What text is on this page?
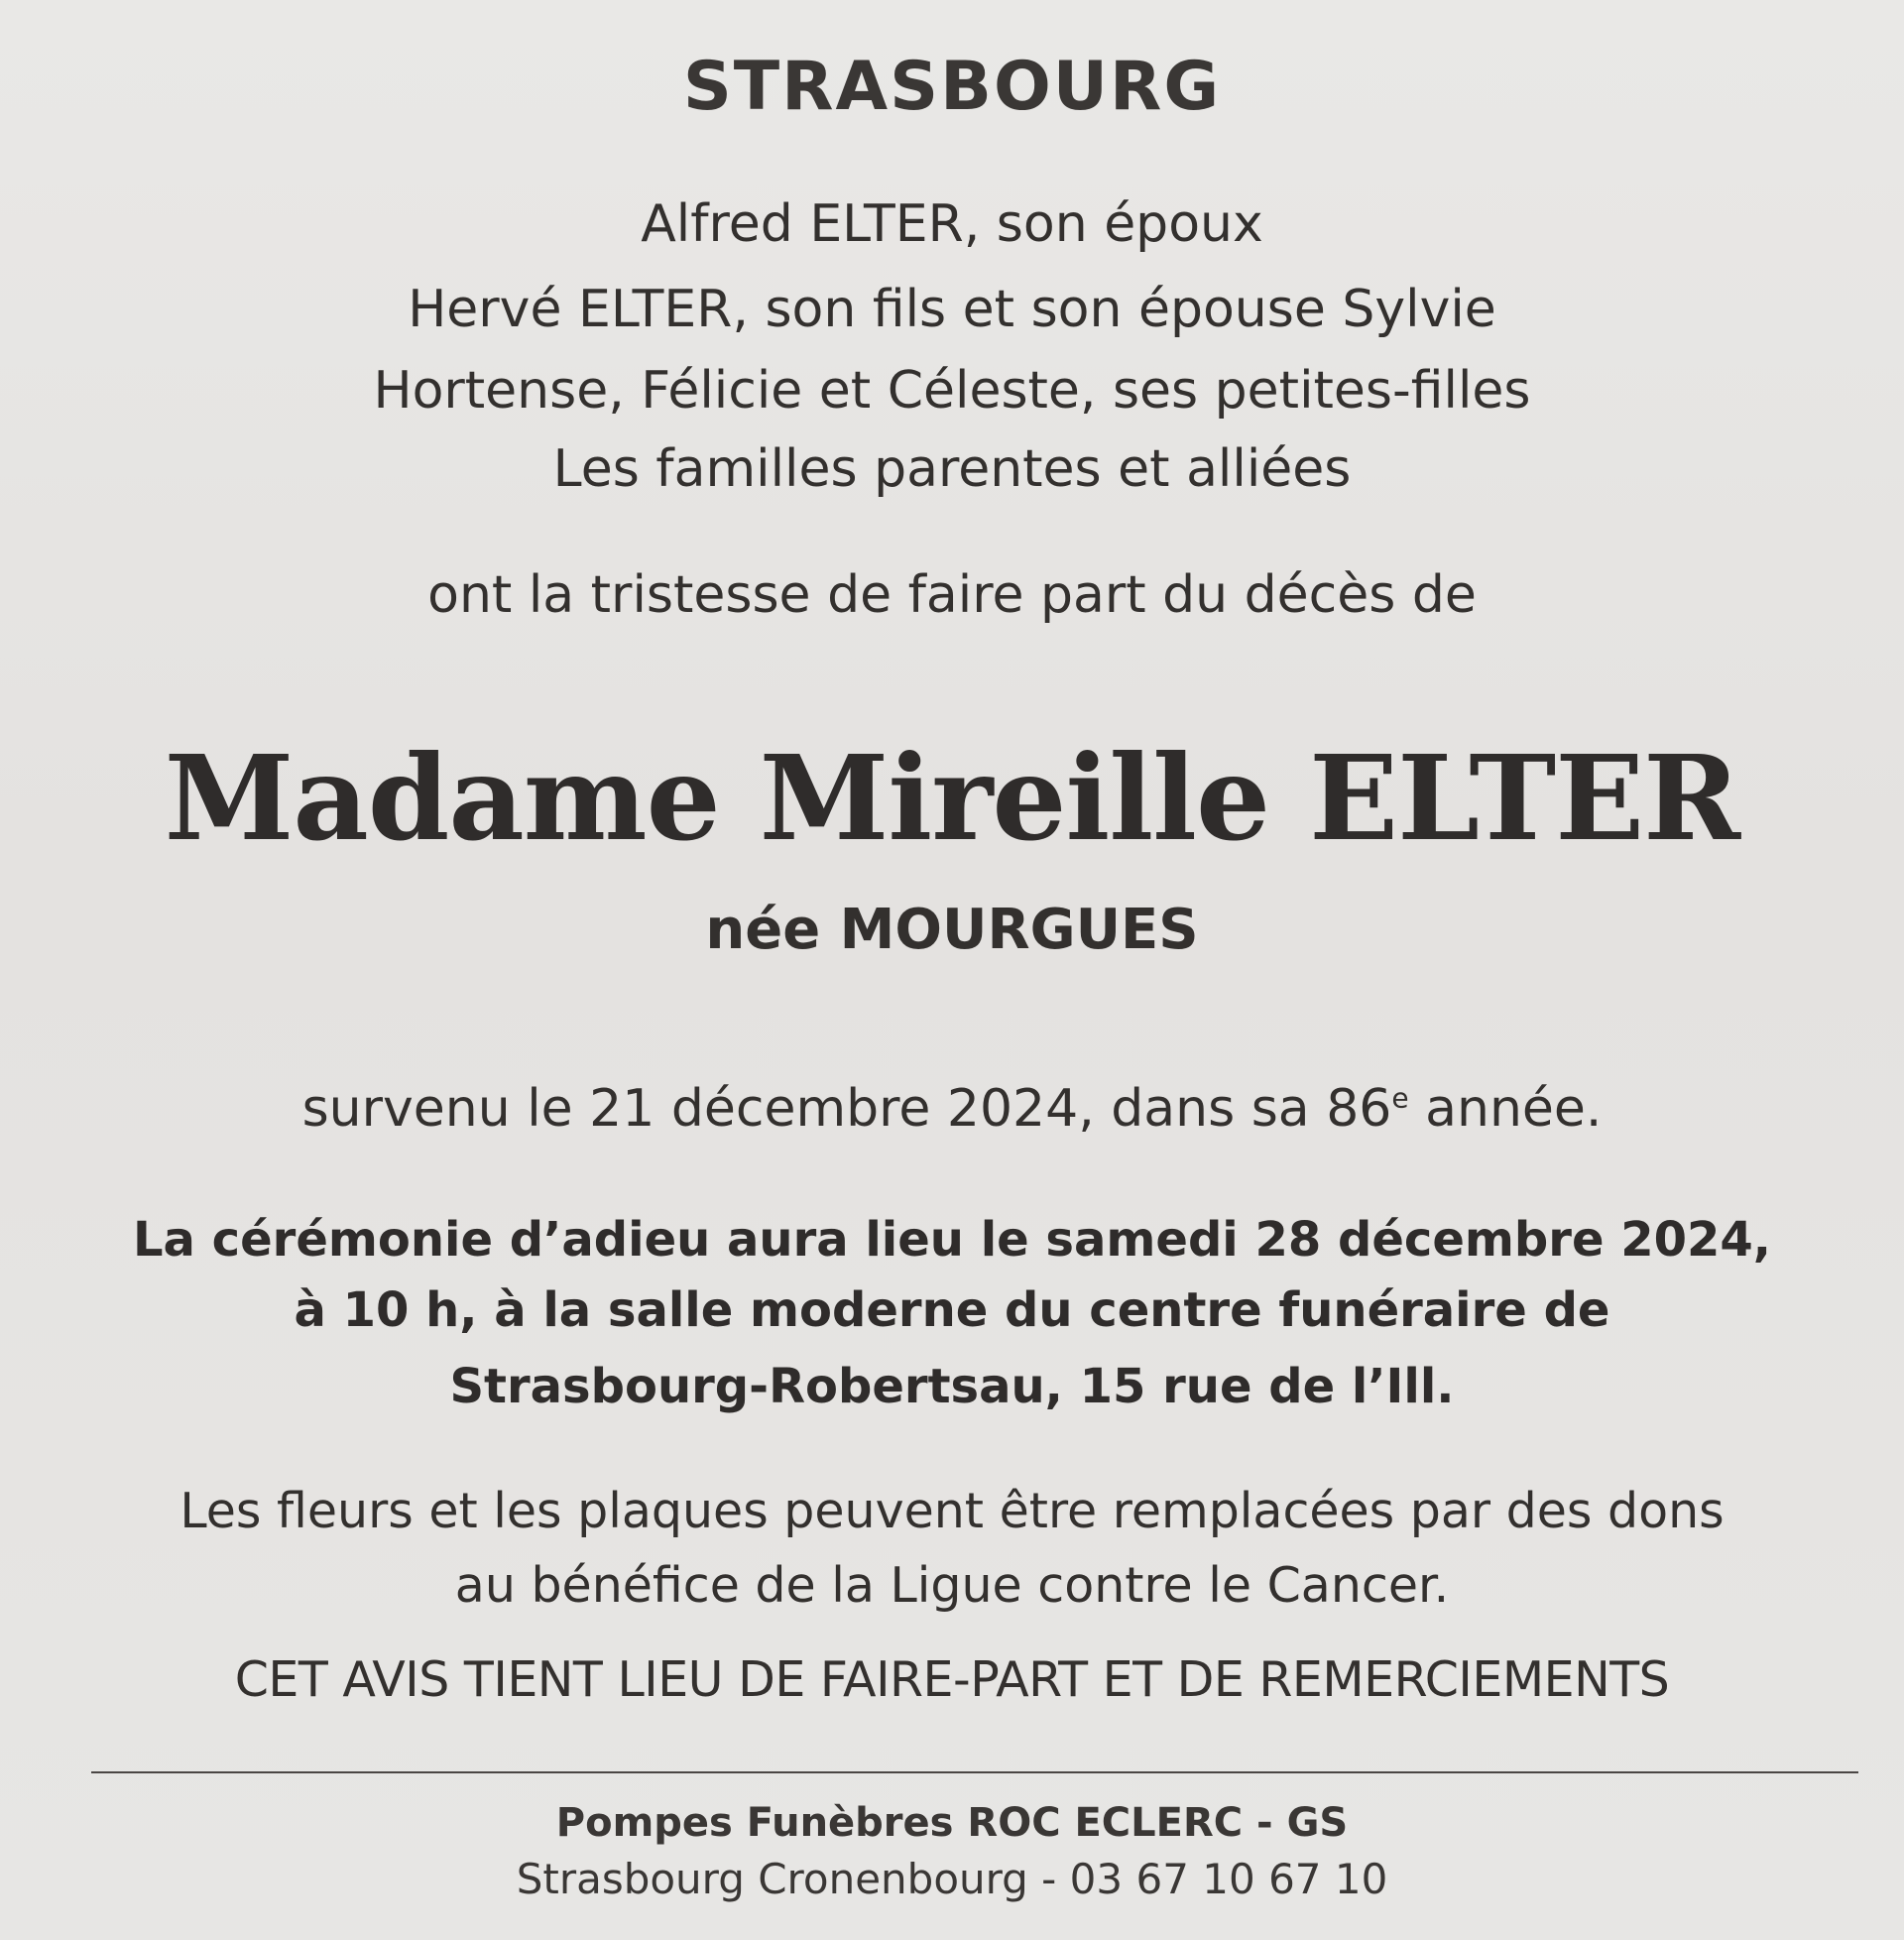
STRASBOURG
Alfred ELTER, son époux
Hervé ELTER, son fils et son épouse Sylvie
Hortense, Félicie et Céleste, ses petites-filles
Les familles parentes et alliées
ont la tristesse de faire part du décès de
Madame Mireille ELTER
née MOURGUES
survenu le 21 décembre 2024, dans sa 86e année.
La cérémonie d’adieu aura lieu le samedi 28 décembre 2024,
à 10 h, à la salle moderne du centre funéraire de
Strasbourg-Robertsau, 15 rue de l’Ill.
Les fleurs et les plaques peuvent être remplacées par des dons
au bénéfice de la Ligue contre le Cancer.
CET AVIS TIENT LIEU DE FAIRE-PART ET DE REMERCIEMENTS
Pompes Funèbres ROC ECLERC - GS
Strasbourg Cronenbourg - 03 67 10 67 10
